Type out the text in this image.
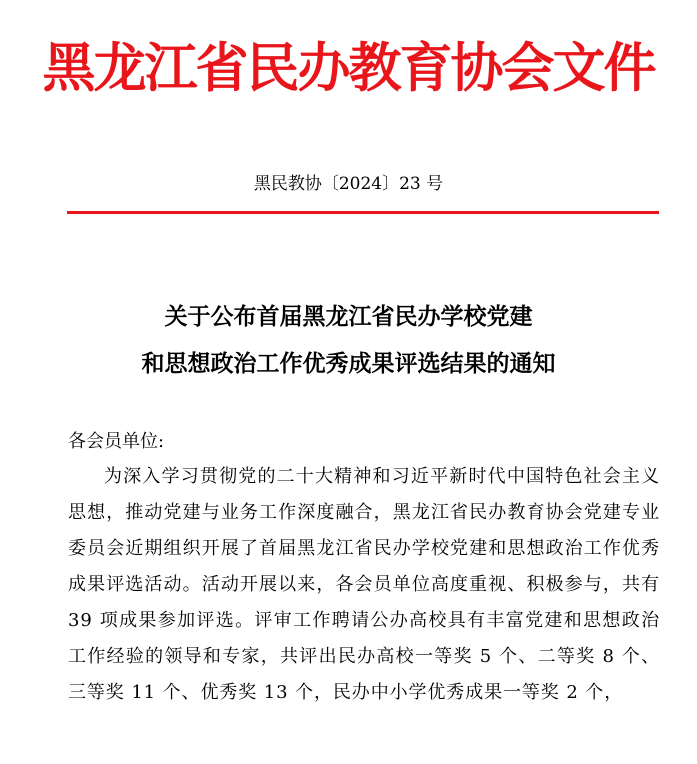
黑龙江省民办教育协会文件
黑民教协〔2024〕23 号
关于公布首届黑龙江省民办学校党建
和思想政治工作优秀成果评选结果的通知
各会员单位:

为深入学习贯彻党的二十大精神和习近平新时代中国特色社会主义思想，推动党建与业务工作深度融合，黑龙江省民办教育协会党建专业委员会近期组织开展了首届黑龙江省民办学校党建和思想政治工作优秀成果评选活动。活动开展以来，各会员单位高度重视、积极参与，共有 39 项成果参加评选。评审工作聘请公办高校具有丰富党建和思想政治工作经验的领导和专家，共评出民办高校一等奖 5 个、二等奖 8 个、三等奖 11 个、优秀奖 13 个，民办中小学优秀成果一等奖 2 个，
